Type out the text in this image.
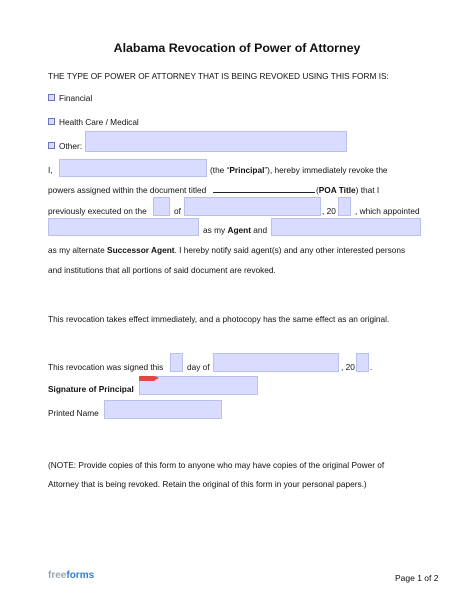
Alabama Revocation of Power of Attorney
THE TYPE OF POWER OF ATTORNEY THAT IS BEING REVOKED USING THIS FORM IS:
Financial
Health Care / Medical
Other:
I,	(the “Principal”), hereby immediately revoke the
powers assigned within the document titled	(POA Title) that I
previously executed on the	of	, 20 , which appointed
as my Agent and
as my alternate Successor Agent. I hereby notify said agent(s) and any other interested persons
and institutions that all portions of said document are revoked.
This revocation takes effect immediately, and a photocopy has the same effect as an original.
This revocation was signed this	day of	, 20 .
Signature of Principal
Printed Name
(NOTE: Provide copies of this form to anyone who may have copies of the original Power of
Attorney that is being revoked. Retain the original of this form in your personal papers.)
freeforms	Page 1 of 2
